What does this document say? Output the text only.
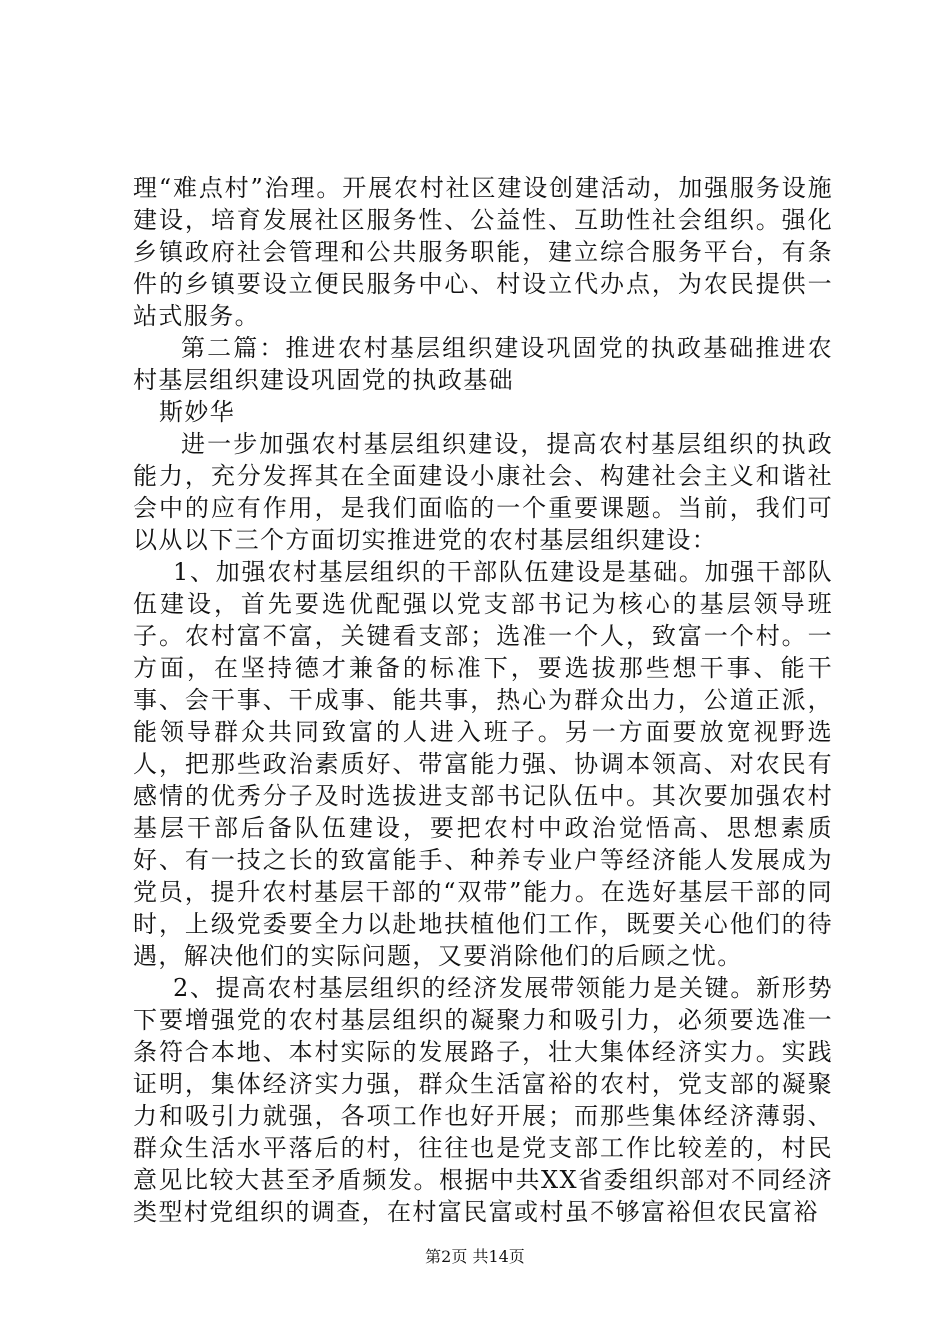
理“难点村”治理。开展农村社区建设创建活动，加强服务设施建设，培育发展社区服务性、公益性、互助性社会组织。强化乡镇政府社会管理和公共服务职能，建立综合服务平台，有条件的乡镇要设立便民服务中心、村设立代办点，为农民提供一站式服务。

第二篇：推进农村基层组织建设巩固党的执政基础推进农村基层组织建设巩固党的执政基础

斯妙华

进一步加强农村基层组织建设，提高农村基层组织的执政能力，充分发挥其在全面建设小康社会、构建社会主义和谐社会中的应有作用，是我们面临的一个重要课题。当前，我们可以从以下三个方面切实推进党的农村基层组织建设：

1、加强农村基层组织的干部队伍建设是基础。加强干部队伍建设，首先要选优配强以党支部书记为核心的基层领导班子。农村富不富，关键看支部；选准一个人，致富一个村。一方面，在坚持德才兼备的标准下，要选拔那些想干事、能干事、会干事、干成事、能共事，热心为群众出力，公道正派，能领导群众共同致富的人进入班子。另一方面要放宽视野选人，把那些政治素质好、带富能力强、协调本领高、对农民有感情的优秀分子及时选拔进支部书记队伍中。其次要加强农村基层干部后备队伍建设，要把农村中政治觉悟高、思想素质好、有一技之长的致富能手、种养专业户等经济能人发展成为党员，提升农村基层干部的“双带”能力。在选好基层干部的同时，上级党委要全力以赴地扶植他们工作，既要关心他们的待遇，解决他们的实际问题，又要消除他们的后顾之忧。

2、提高农村基层组织的经济发展带领能力是关键。新形势下要增强党的农村基层组织的凝聚力和吸引力，必须要选准一条符合本地、本村实际的发展路子，壮大集体经济实力。实践证明，集体经济实力强，群众生活富裕的农村，党支部的凝聚力和吸引力就强，各项工作也好开展；而那些集体经济薄弱、群众生活水平落后的村，往往也是党支部工作比较差的，村民意见比较大甚至矛盾频发。根据中共XX省委组织部对不同经济类型村党组织的调查，在村富民富或村虽不够富裕但农民富裕

第2页 共14页
